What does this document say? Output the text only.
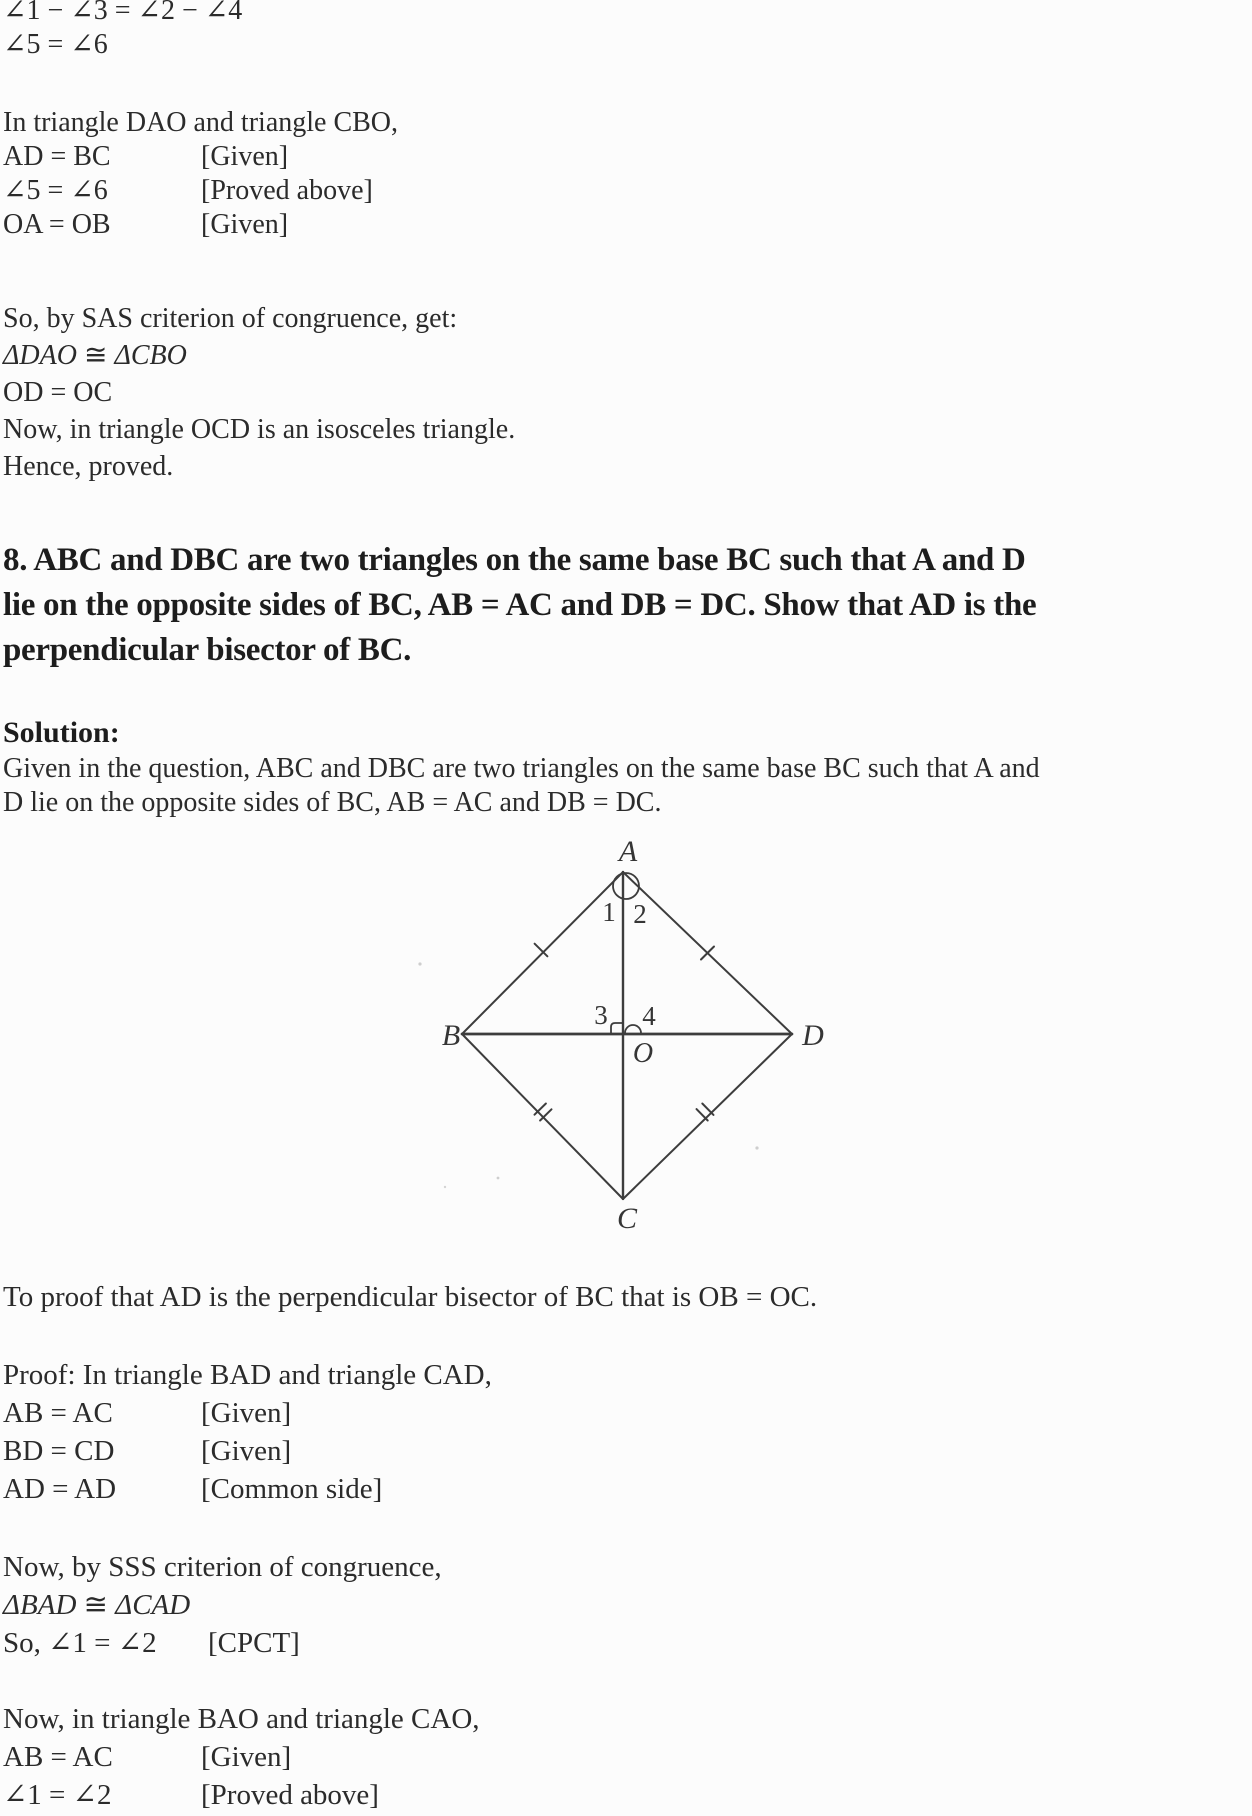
∠1 − ∠3 = ∠2 − ∠4
∠5 = ∠6
In triangle DAO and triangle CBO,
AD = BC	[Given]
∠5 = ∠6	[Proved above]
OA = OB	[Given]
So, by SAS criterion of congruence, get:
ΔDAO ≅ ΔCBO
OD = OC
Now, in triangle OCD is an isosceles triangle.
Hence, proved.
8. ABC and DBC are two triangles on the same base BC such that A and D
lie on the opposite sides of BC, AB = AC and DB = DC. Show that AD is the
perpendicular bisector of BC.
Solution:
Given in the question, ABC and DBC are two triangles on the same base BC such that A and
D lie on the opposite sides of BC, AB = AC and DB = DC.
A
B	D
C
O
1 2
3 4
To proof that AD is the perpendicular bisector of BC that is OB = OC.
Proof: In triangle BAD and triangle CAD,
AB = AC	[Given]
BD = CD	[Given]
AD = AD	[Common side]
Now, by SSS criterion of congruence,
ΔBAD ≅ ΔCAD
So, ∠1 = ∠2 [CPCT]
Now, in triangle BAO and triangle CAO,
AB = AC	[Given]
∠1 = ∠2	[Proved above]
